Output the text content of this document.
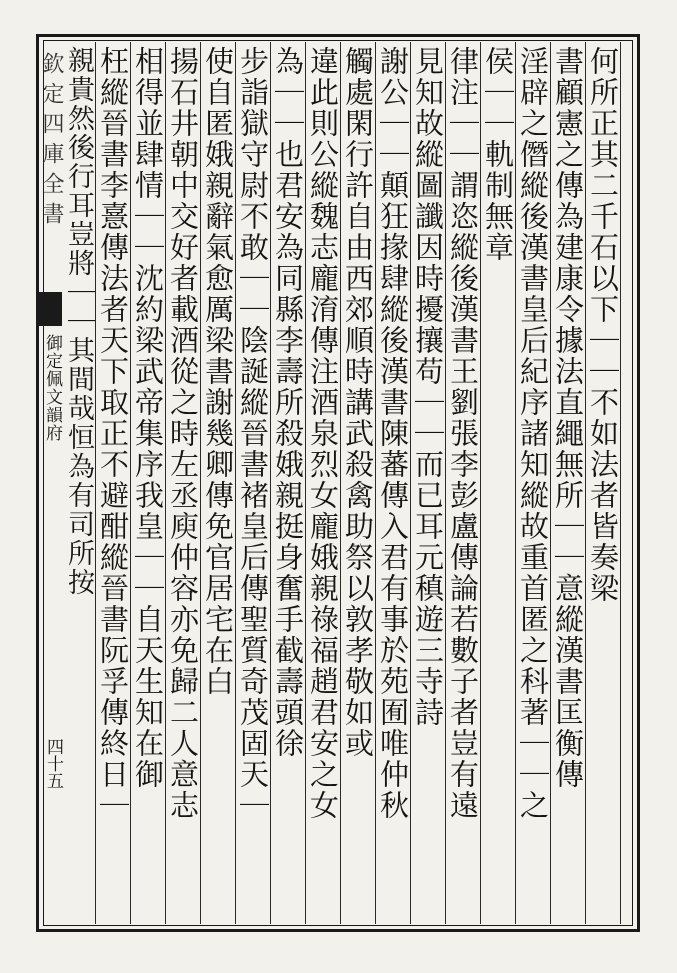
欽定四庫全書
御定佩文韻府
四十五
何所正其二千石以下｜｜不如法者皆奏梁
書顧憲之傳為建康令據法直繩無所｜｜意縱漢書匡衡傳
淫辟之僭縱後漢書皇后紀序諸知縱故重首匿之科著｜｜之
侯｜｜軌制無章
律注｜｜謂恣縱後漢書王劉張李彭盧傳論若數子者豈有遠
見知故縱圖讖因時擾攘苟｜｜而已耳元稹遊三寺詩
謝公｜｜顛狂掾肆縱後漢書陳蕃傳入君有事於苑囿唯仲秋
觸處閑行許自由西郊順時講武殺禽助祭以敦孝敬如或
違此則公縱魏志龐淯傳注酒泉烈女龐娥親祿福趙君安之女
為｜｜也君安為同縣李壽所殺娥親挺身奮手截壽頭徐
步詣獄守尉不敢｜｜陰誕縱晉書褚皇后傳聖質奇茂固天｜
使自匿娥親辭氣愈厲梁書謝幾卿傳免官居宅在白
揚石井朝中交好者載酒從之時左丞庾仲容亦免歸二人意志
相得並肆情｜｜沈約梁武帝集序我皇｜｜自天生知在御
枉縱晉書李憙傳法者天下取正不避酣縱晉書阮孚傳終日｜
親貴然後行耳豈將｜｜其間哉恒為有司所按
